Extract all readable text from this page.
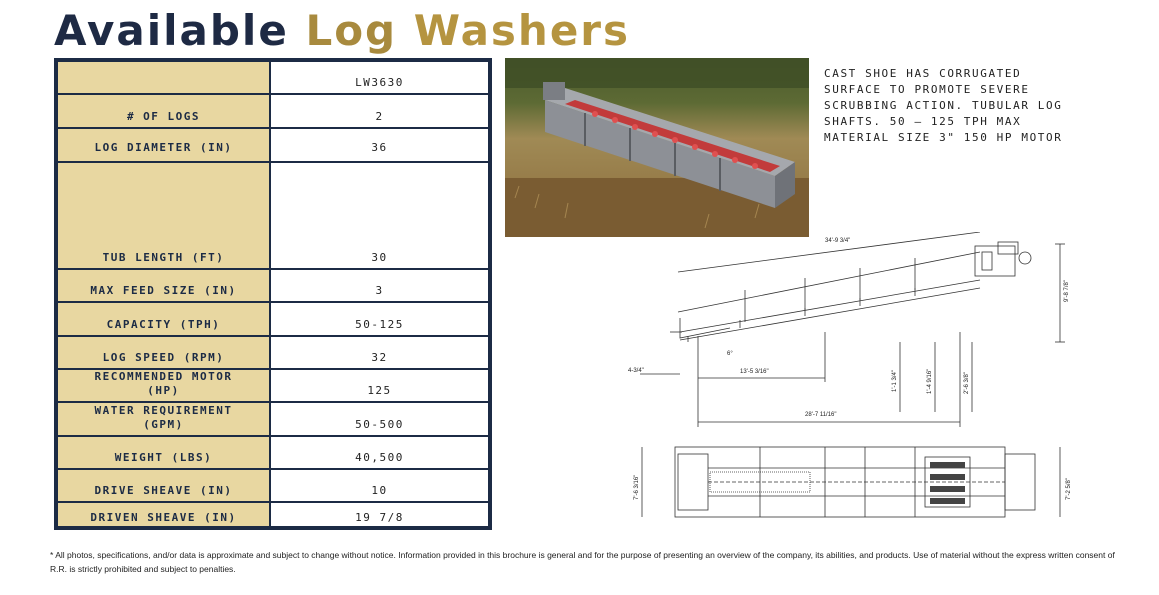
Available Log Washers
LW3630
# OF LOGS	2
LOG DIAMETER (IN)	36
TUB LENGTH (FT)	30
MAX FEED SIZE (IN)	3
CAPACITY (TPH)	50-125
LOG SPEED (RPM)	32
RECOMMENDED MOTOR
(HP)	125
WATER REQUIREMENT
(GPM)	50-500
WEIGHT (LBS)	40,500
DRIVE SHEAVE (IN)	10
DRIVEN SHEAVE (IN)	19 7/8
CAST SHOE HAS CORRUGATED SURFACE TO PROMOTE SEVERE SCRUBBING ACTION. TUBULAR LOG SHAFTS. 50 – 125 TPH MAX MATERIAL SIZE 3" 150 HP MOTOR
34'-9 3/4"
9'-8 7/8"
4-3/4"	13'-5 3/16"
28'-7 11/16"
1'-1 3/4"	1'-4 9/16"	2'-6 3/8"
6°
7'-6 3/16"	7'-2 5/8"
* All photos, specifications, and/or data is approximate and subject to change without notice. Information provided in this brochure is general and for the purpose of presenting an overview of the company, its abilities, and products. Use of material without the express written consent of R.R. is strictly prohibited and subject to penalties.
